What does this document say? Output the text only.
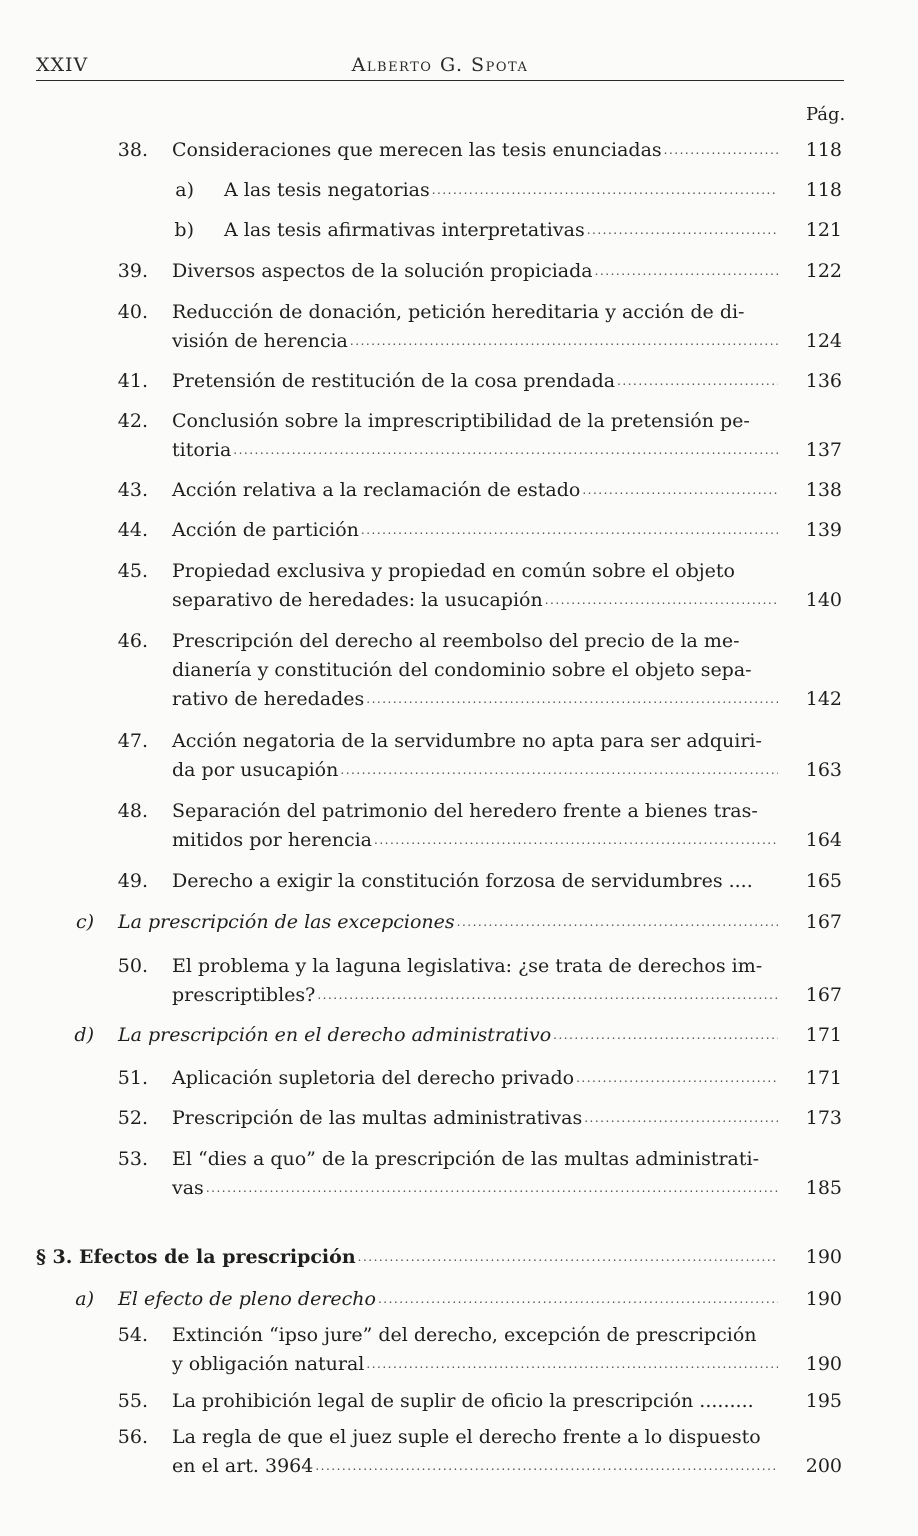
XXIV	Alberto G. Spota
Pág.
38. Consideraciones que merecen las tesis enunciadas .....	118
a) A las tesis negatorias .....	118
b) A las tesis afirmativas interpretativas .....	121
39. Diversos aspectos de la solución propiciada .....	122
40. Reducción de donación, petición hereditaria y acción de di-
visión de herencia .....	124
41. Pretensión de restitución de la cosa prendada .....	136
42. Conclusión sobre la imprescriptibilidad de la pretensión pe-
titoria .....	137
43. Acción relativa a la reclamación de estado .....	138
44. Acción de partición .....	139
45. Propiedad exclusiva y propiedad en común sobre el objeto
separativo de heredades: la usucapión .....	140
46. Prescripción del derecho al reembolso del precio de la me-
dianería y constitución del condominio sobre el objeto sepa-
rativo de heredades .....	142
47. Acción negatoria de la servidumbre no apta para ser adquiri-
da por usucapión .....	163
48. Separación del patrimonio del heredero frente a bienes tras-
mitidos por herencia .....	164
49. Derecho a exigir la constitución forzosa de servidumbres ....	165
c) La prescripción de las excepciones .....	167
50. El problema y la laguna legislativa: ¿se trata de derechos im-
prescriptibles? .....	167
d) La prescripción en el derecho administrativo .....	171
51. Aplicación supletoria del derecho privado .....	171
52. Prescripción de las multas administrativas .....	173
53. El “dies a quo” de la prescripción de las multas administrati-
vas .....	185
§ 3. Efectos de la prescripción .....	190
a) El efecto de pleno derecho .....	190
54. Extinción “ipso jure” del derecho, excepción de prescripción
y obligación natural .....	190
55. La prohibición legal de suplir de oficio la prescripción .........	195
56. La regla de que el juez suple el derecho frente a lo dispuesto
en el art. 3964 .....	200
